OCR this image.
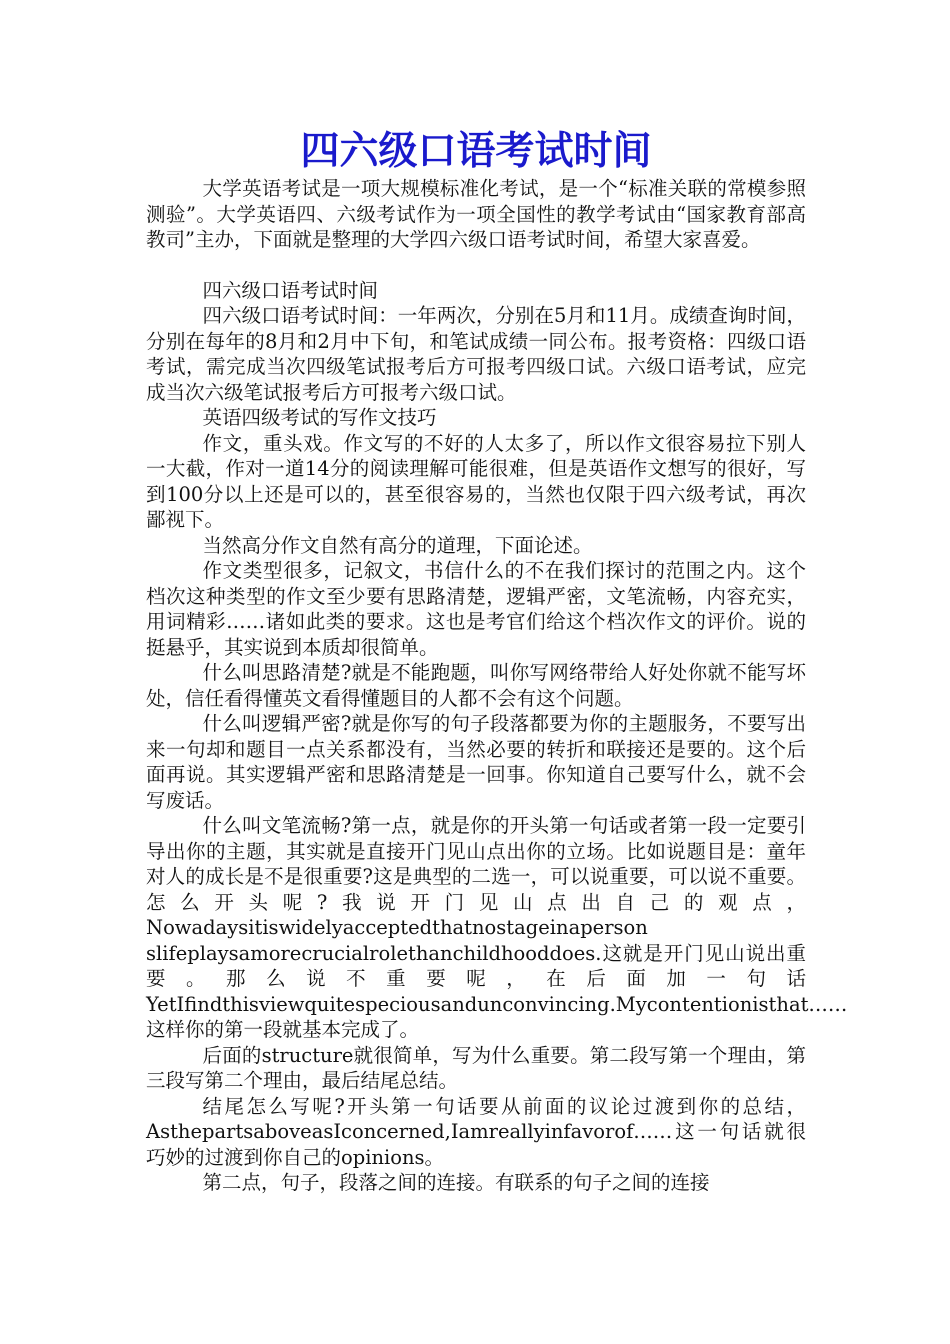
四六级口语考试时间

大学英语考试是一项大规模标准化考试，是一个“标准关联的常模参照测验”。大学英语四、六级考试作为一项全国性的教学考试由“国家教育部高教司”主办，下面就是整理的大学四六级口语考试时间，希望大家喜爱。

四六级口语考试时间

四六级口语考试时间：一年两次，分别在5月和11月。成绩查询时间，分别在每年的8月和2月中下旬，和笔试成绩一同公布。报考资格：四级口语考试，需完成当次四级笔试报考后方可报考四级口试。六级口语考试，应完成当次六级笔试报考后方可报考六级口试。

英语四级考试的写作文技巧

作文，重头戏。作文写的不好的人太多了，所以作文很容易拉下别人一大截，作对一道14分的阅读理解可能很难，但是英语作文想写的很好，写到100分以上还是可以的，甚至很容易的，当然也仅限于四六级考试，再次鄙视下。

当然高分作文自然有高分的道理，下面论述。

作文类型很多，记叙文，书信什么的不在我们探讨的范围之内。这个档次这种类型的作文至少要有思路清楚，逻辑严密，文笔流畅，内容充实，用词精彩……诸如此类的要求。这也是考官们给这个档次作文的评价。说的挺悬乎，其实说到本质却很简单。

什么叫思路清楚?就是不能跑题，叫你写网络带给人好处你就不能写坏处，信任看得懂英文看得懂题目的人都不会有这个问题。

什么叫逻辑严密?就是你写的句子段落都要为你的主题服务，不要写出来一句却和题目一点关系都没有，当然必要的转折和联接还是要的。这个后面再说。其实逻辑严密和思路清楚是一回事。你知道自己要写什么，就不会写废话。

什么叫文笔流畅?第一点，就是你的开头第一句话或者第一段一定要引导出你的主题，其实就是直接开门见山点出你的立场。比如说题目是：童年对人的成长是不是很重要?这是典型的二选一，可以说重要，可以说不重要。怎么开头呢?我说开门见山点出自己的观点，Nowadaysitiswidelyacceptedthatnostageinaperson slifeplaysamorecrucialrolethanchildhooddoes.这就是开门见山说出重要。那么说不重要呢，在后面加一句话YetIfindthisviewquitespeciousandunconvincing.Mycontentionisthat……这样你的第一段就基本完成了。

后面的structure就很简单，写为什么重要。第二段写第一个理由，第三段写第二个理由，最后结尾总结。

结尾怎么写呢?开头第一句话要从前面的议论过渡到你的总结，AsthepartsaboveasIconcerned,Iamreallyinfavorof……这一句话就很巧妙的过渡到你自己的opinions。

第二点，句子，段落之间的连接。有联系的句子之间的连接
